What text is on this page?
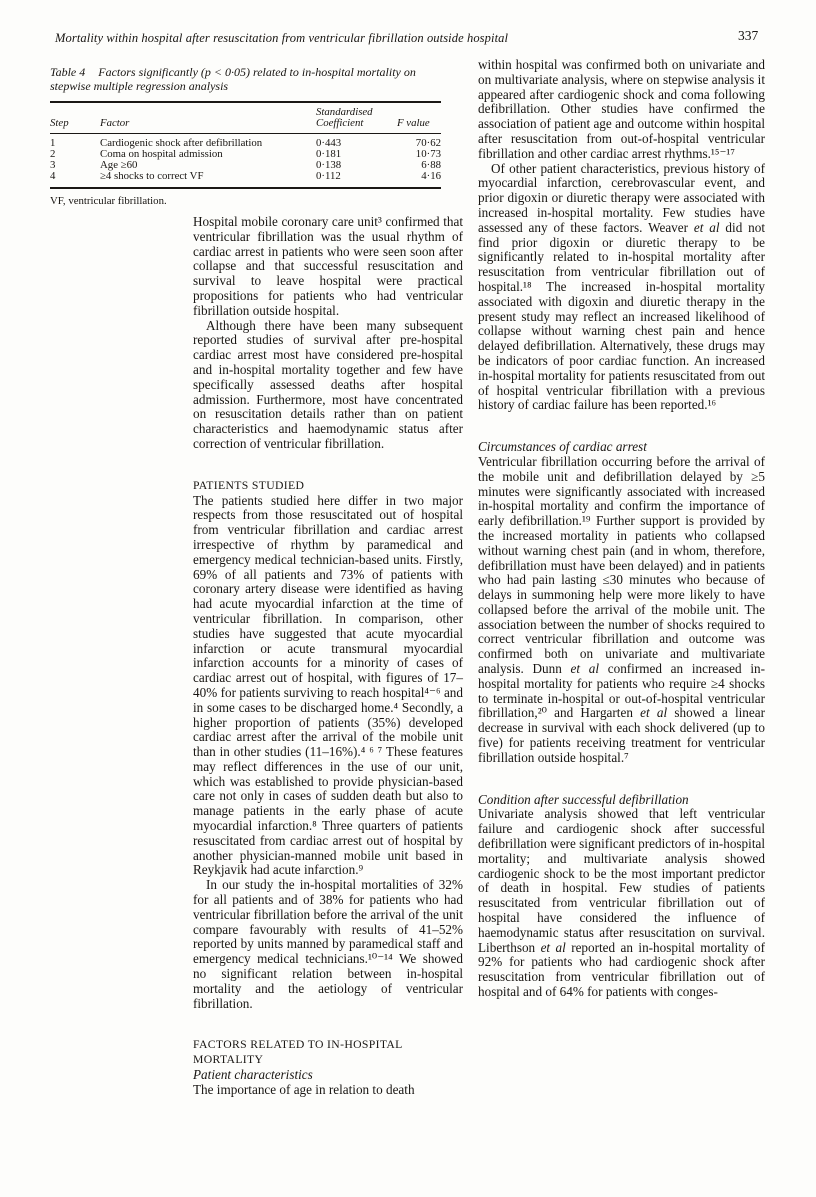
Mortality within hospital after resuscitation from ventricular fibrillation outside hospital	337

Table 4 Factors significantly (p < 0·05) related to in-hospital mortality on stepwise multiple regression analysis

Step	Factor	Standardised Coefficient	F value
1	Cardiogenic shock after defibrillation	0·443	70·62
2	Coma on hospital admission	0·181	10·73
3	Age ≥60	0·138	6·88
4	≥4 shocks to correct VF	0·112	4·16
VF, ventricular fibrillation.

Hospital mobile coronary care unit³ confirmed that ventricular fibrillation was the usual rhythm of cardiac arrest in patients who were seen soon after collapse and that successful resuscitation and survival to leave hospital were practical propositions for patients who had ventricular fibrillation outside hospital.

Although there have been many subsequent reported studies of survival after pre-hospital cardiac arrest most have considered pre-hospital and in-hospital mortality together and few have specifically assessed deaths after hospital admission. Furthermore, most have concentrated on resuscitation details rather than on patient characteristics and haemodynamic status after correction of ventricular fibrillation.

PATIENTS STUDIED

The patients studied here differ in two major respects from those resuscitated out of hospital from ventricular fibrillation and cardiac arrest irrespective of rhythm by paramedical and emergency medical technician-based units. Firstly, 69% of all patients and 73% of patients with coronary artery disease were identified as having had acute myocardial infarction at the time of ventricular fibrillation. In comparison, other studies have suggested that acute myocardial infarction or acute transmural myocardial infarction accounts for a minority of cases of cardiac arrest out of hospital, with figures of 17–40% for patients surviving to reach hospital⁴⁻⁶ and in some cases to be discharged home.⁴ Secondly, a higher proportion of patients (35%) developed cardiac arrest after the arrival of the mobile unit than in other studies (11–16%).⁴ ⁶ ⁷ These features may reflect differences in the use of our unit, which was established to provide physician-based care not only in cases of sudden death but also to manage patients in the early phase of acute myocardial infarction.⁸ Three quarters of patients resuscitated from cardiac arrest out of hospital by another physician-manned mobile unit based in Reykjavik had acute infarction.⁹

In our study the in-hospital mortalities of 32% for all patients and of 38% for patients who had ventricular fibrillation before the arrival of the unit compare favourably with results of 41–52% reported by units manned by paramedical staff and emergency medical technicians.¹⁰⁻¹⁴ We showed no significant relation between in-hospital mortality and the aetiology of ventricular fibrillation.

FACTORS RELATED TO IN-HOSPITAL MORTALITY
Patient characteristics

The importance of age in relation to death

within hospital was confirmed both on univariate and on multivariate analysis, where on stepwise analysis it appeared after cardiogenic shock and coma following defibrillation. Other studies have confirmed the association of patient age and outcome within hospital after resuscitation from out-of-hospital ventricular fibrillation and other cardiac arrest rhythms.¹⁵⁻¹⁷

Of other patient characteristics, previous history of myocardial infarction, cerebrovascular event, and prior digoxin or diuretic therapy were associated with increased in-hospital mortality. Few studies have assessed any of these factors. Weaver et al did not find prior digoxin or diuretic therapy to be significantly related to in-hospital mortality after resuscitation from ventricular fibrillation out of hospital.¹⁸ The increased in-hospital mortality associated with digoxin and diuretic therapy in the present study may reflect an increased likelihood of collapse without warning chest pain and hence delayed defibrillation. Alternatively, these drugs may be indicators of poor cardiac function. An increased in-hospital mortality for patients resuscitated from out of hospital ventricular fibrillation with a previous history of cardiac failure has been reported.¹⁶

Circumstances of cardiac arrest

Ventricular fibrillation occurring before the arrival of the mobile unit and defibrillation delayed by ≥5 minutes were significantly associated with increased in-hospital mortality and confirm the importance of early defibrillation.¹⁹ Further support is provided by the increased mortality in patients who collapsed without warning chest pain (and in whom, therefore, defibrillation must have been delayed) and in patients who had pain lasting ≤30 minutes who because of delays in summoning help were more likely to have collapsed before the arrival of the mobile unit. The association between the number of shocks required to correct ventricular fibrillation and outcome was confirmed both on univariate and multivariate analysis. Dunn et al confirmed an increased in-hospital mortality for patients who require ≥4 shocks to terminate in-hospital or out-of-hospital ventricular fibrillation,²⁰ and Hargarten et al showed a linear decrease in survival with each shock delivered (up to five) for patients receiving treatment for ventricular fibrillation outside hospital.⁷

Condition after successful defibrillation

Univariate analysis showed that left ventricular failure and cardiogenic shock after successful defibrillation were significant predictors of in-hospital mortality; and multivariate analysis showed cardiogenic shock to be the most important predictor of death in hospital. Few studies of patients resuscitated from ventricular fibrillation out of hospital have considered the influence of haemodynamic status after resuscitation on survival. Liberthson et al reported an in-hospital mortality of 92% for patients who had cardiogenic shock after resuscitation from ventricular fibrillation out of hospital and of 64% for patients with conges-
